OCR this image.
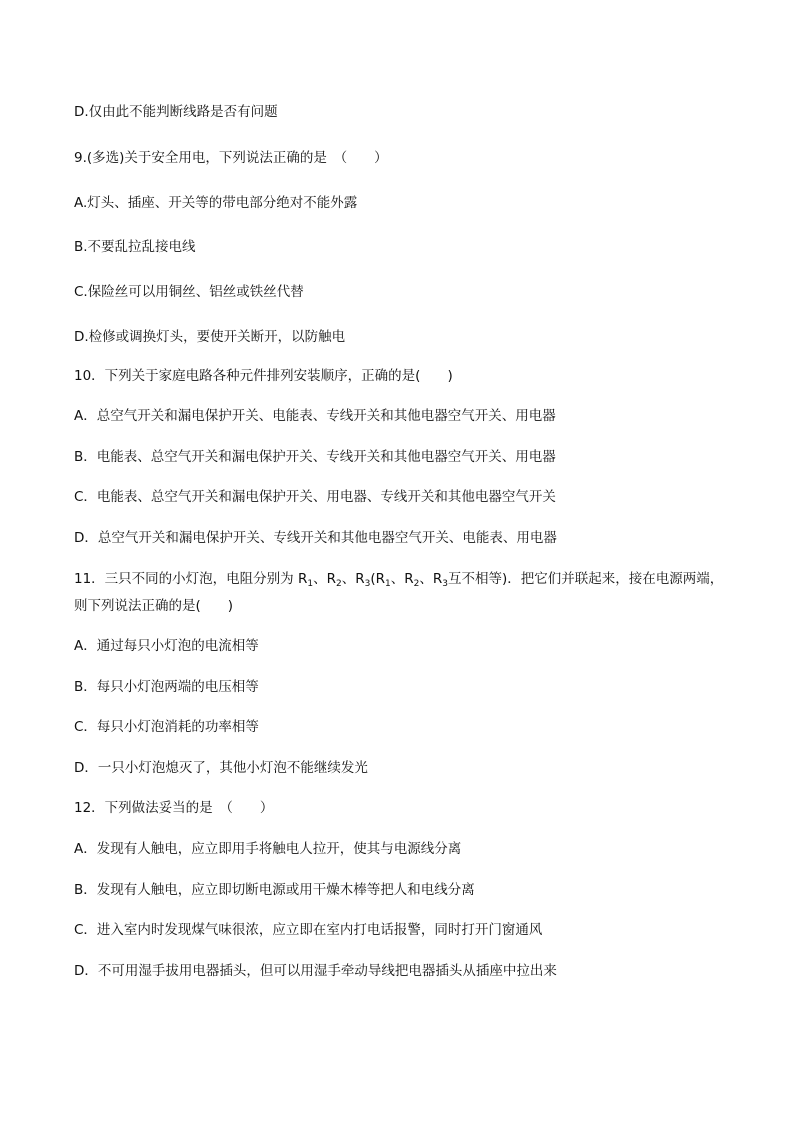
D.仅由此不能判断线路是否有问题
9.(多选)关于安全用电，下列说法正确的是　（　　）
A.灯头、插座、开关等的带电部分绝对不能外露
B.不要乱拉乱接电线
C.保险丝可以用铜丝、铝丝或铁丝代替
D.检修或调换灯头，要使开关断开，以防触电
10．下列关于家庭电路各种元件排列安装顺序，正确的是(　　)
A．总空气开关和漏电保护开关、电能表、专线开关和其他电器空气开关、用电器
B．电能表、总空气开关和漏电保护开关、专线开关和其他电器空气开关、用电器
C．电能表、总空气开关和漏电保护开关、用电器、专线开关和其他电器空气开关
D．总空气开关和漏电保护开关、专线开关和其他电器空气开关、电能表、用电器
11．三只不同的小灯泡，电阻分别为 $R_1$、$R_2$、$R_3(R_1$、$R_2$、$R_3$互不相等)．把它们并联起来，接在电源两端，
则下列说法正确的是(　　)
A．通过每只小灯泡的电流相等
B．每只小灯泡两端的电压相等
C．每只小灯泡消耗的功率相等
D．一只小灯泡熄灭了，其他小灯泡不能继续发光
12．下列做法妥当的是　（　　）
A．发现有人触电，应立即用手将触电人拉开，使其与电源线分离
B．发现有人触电，应立即切断电源或用干燥木棒等把人和电线分离
C．进入室内时发现煤气味很浓，应立即在室内打电话报警，同时打开门窗通风
D．不可用湿手拔用电器插头，但可以用湿手牵动导线把电器插头从插座中拉出来
